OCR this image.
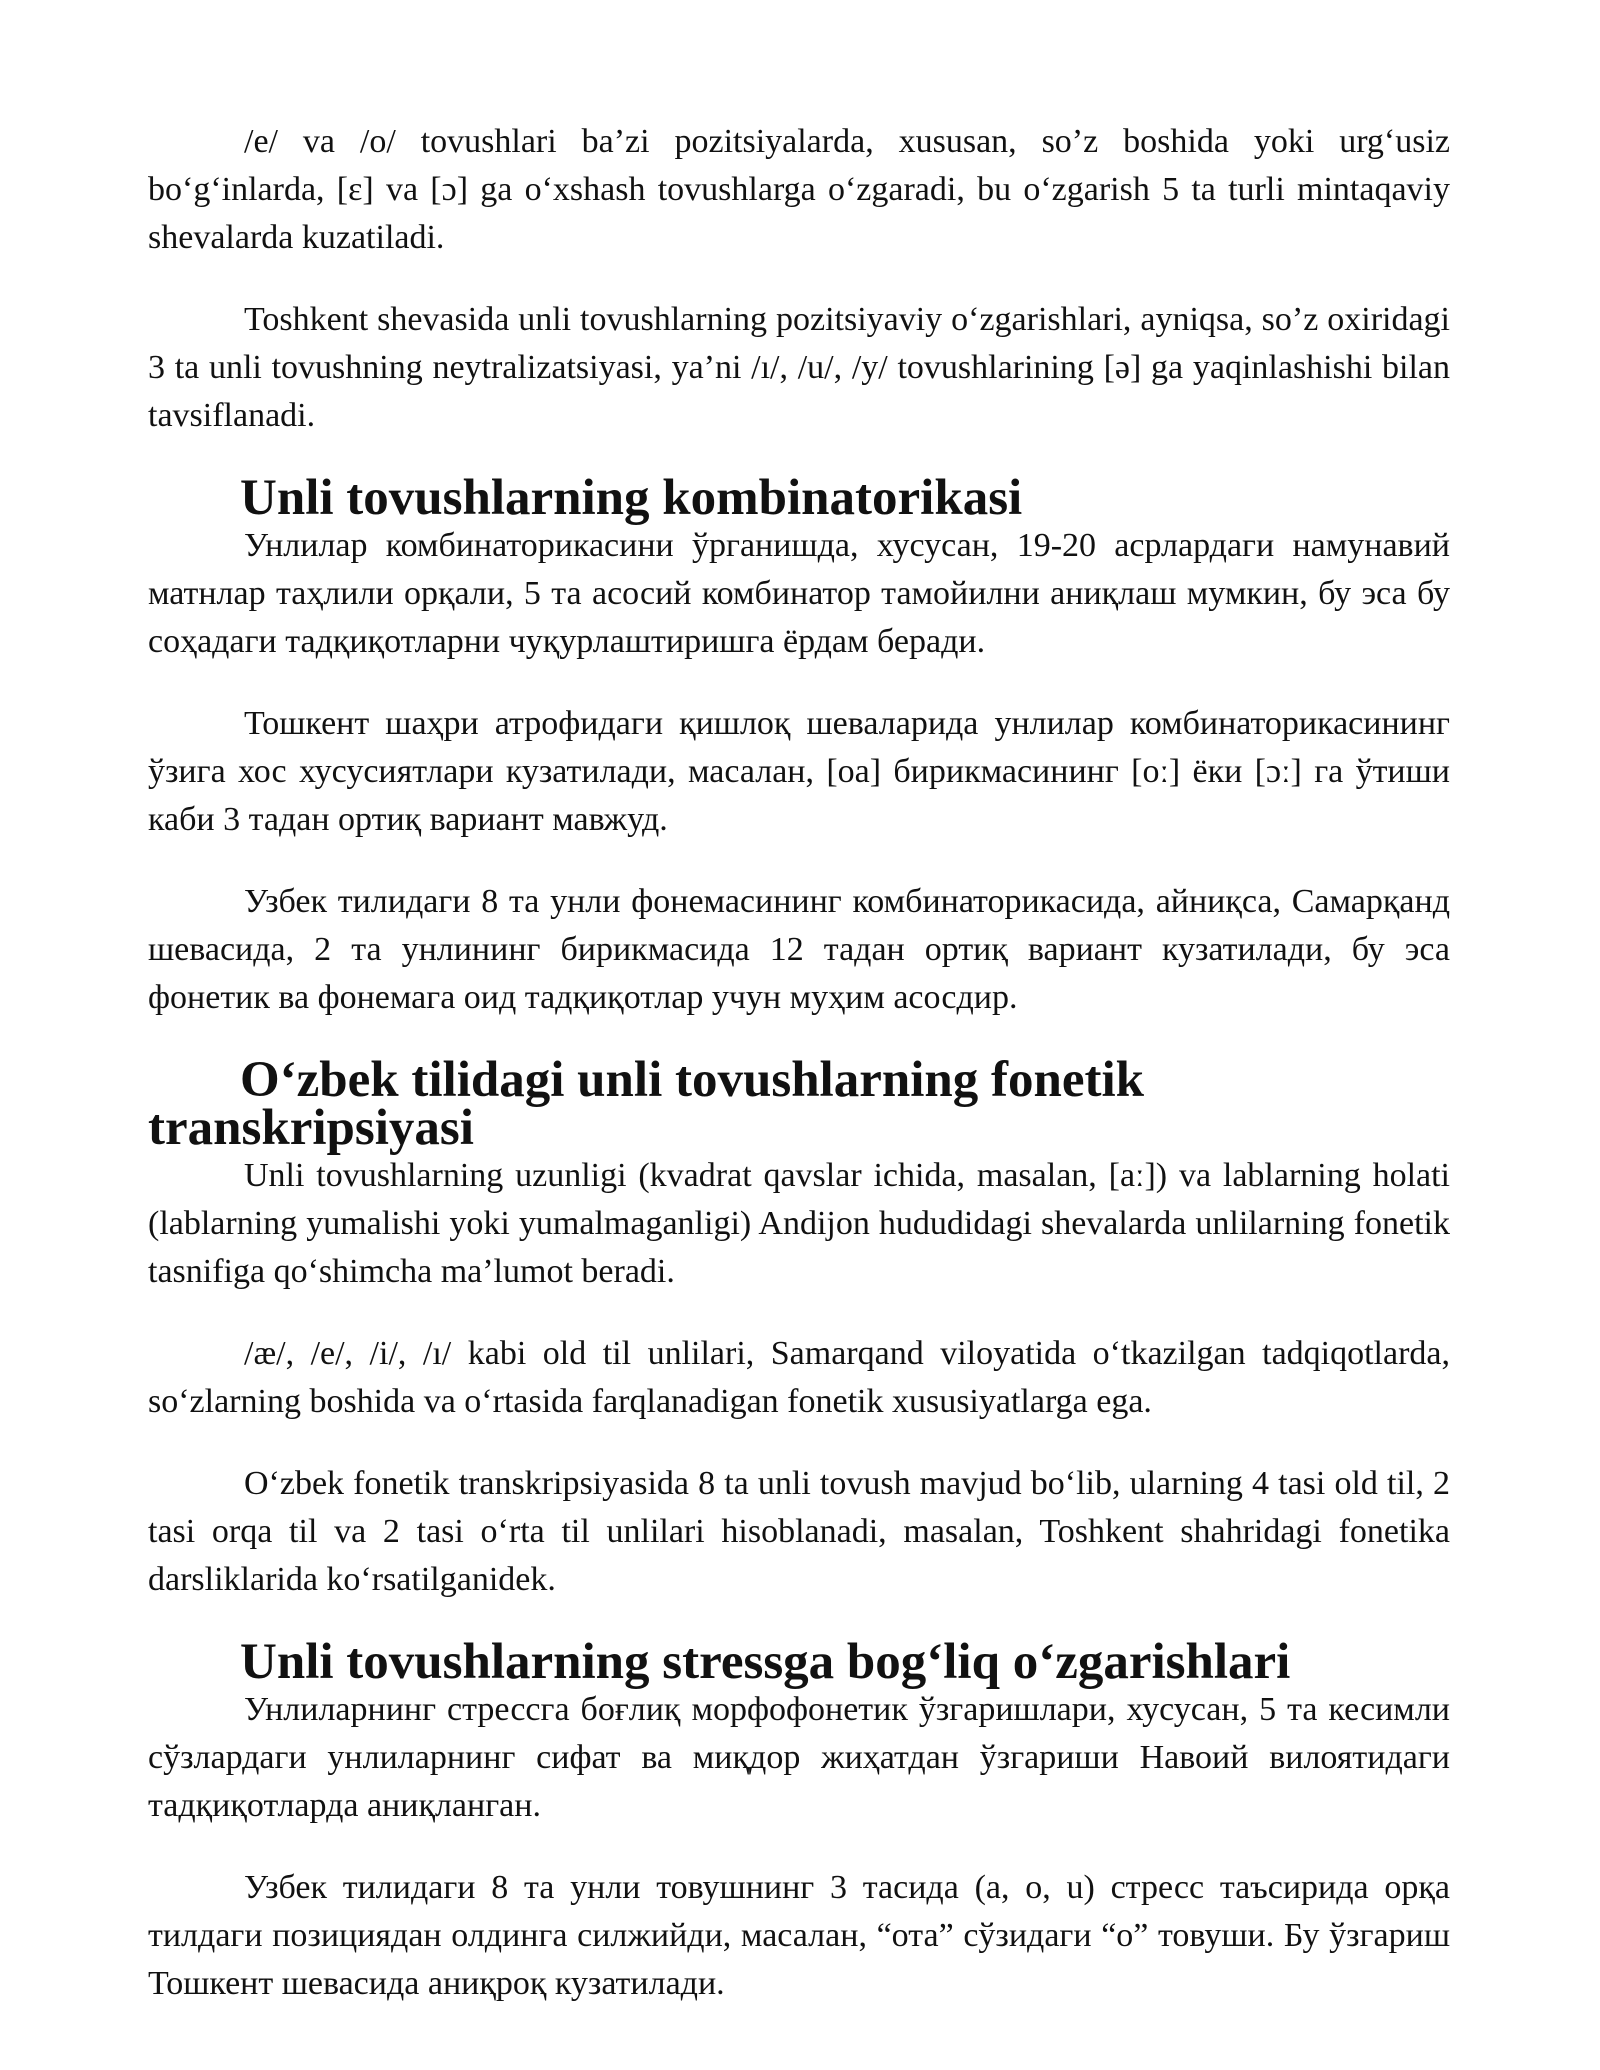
/e/ va /o/ tovushlari ba’zi pozitsiyalarda, xususan, so’z boshida yoki urg‘usiz bo‘g‘inlarda, [ɛ] va [ɔ] ga o‘xshash tovushlarga o‘zgaradi, bu o‘zgarish 5 ta turli mintaqaviy shevalarda kuzatiladi.

Toshkent shevasida unli tovushlarning pozitsiyaviy o‘zgarishlari, ayniqsa, so’z oxiridagi 3 ta unli tovushning neytralizatsiyasi, ya’ni /ı/, /u/, /y/ tovushlarining [ə] ga yaqinlashishi bilan tavsiflanadi.

Unli tovushlarning kombinatorikasi

Унлилар комбинаторикасини ўрганишда, хусусан, 19-20 асрлардаги намунавий матнлар таҳлили орқали, 5 та асосий комбинатор тамойилни аниқлаш мумкин, бу эса бу соҳадаги тадқиқотларни чуқурлаштиришга ёрдам беради.

Тошкент шаҳри атрофидаги қишлоқ шеваларида унлилар комбинаторикасининг ўзига хос хусусиятлари кузатилади, масалан, [oa] бирикмасининг [oː] ёки [ɔː] га ўтиши каби 3 тадан ортиқ вариант мавжуд.

Узбек тилидаги 8 та унли фонемасининг комбинаторикасида, айниқса, Самарқанд шевасида, 2 та унлининг бирикмасида 12 тадан ортиқ вариант кузатилади, бу эса фонетик ва фонемага оид тадқиқотлар учун муҳим асосдир.

O‘zbek tilidagi unli tovushlarning fonetik transkripsiyasi

Unli tovushlarning uzunligi (kvadrat qavslar ichida, masalan, [aː]) va lablarning holati (lablarning yumalishi yoki yumalmaganligi) Andijon hududidagi shevalarda unlilarning fonetik tasnifiga qo‘shimcha ma’lumot beradi.

/æ/, /e/, /i/, /ı/ kabi old til unlilari, Samarqand viloyatida o‘tkazilgan tadqiqotlarda, so‘zlarning boshida va o‘rtasida farqlanadigan fonetik xususiyatlarga ega.

O‘zbek fonetik transkripsiyasida 8 ta unli tovush mavjud bo‘lib, ularning 4 tasi old til, 2 tasi orqa til va 2 tasi o‘rta til unlilari hisoblanadi, masalan, Toshkent shahridagi fonetika darsliklarida ko‘rsatilganidek.

Unli tovushlarning stressga bog‘liq o‘zgarishlari

Унлиларнинг стрессга боғлиқ морфофонетик ўзгаришлари, хусусан, 5 та кесимли сўзлардаги унлиларнинг сифат ва миқдор жиҳатдан ўзгариши Навоий вилоятидаги тадқиқотларда аниқланган.

Узбек тилидаги 8 та унли товушнинг 3 тасида (a, o, u) стресс таъсирида орқа тилдаги позициядан олдинга силжийди, масалан, “ота” сўзидаги “о” товуши. Бу ўзгариш Тошкент шевасида аниқроқ кузатилади.
